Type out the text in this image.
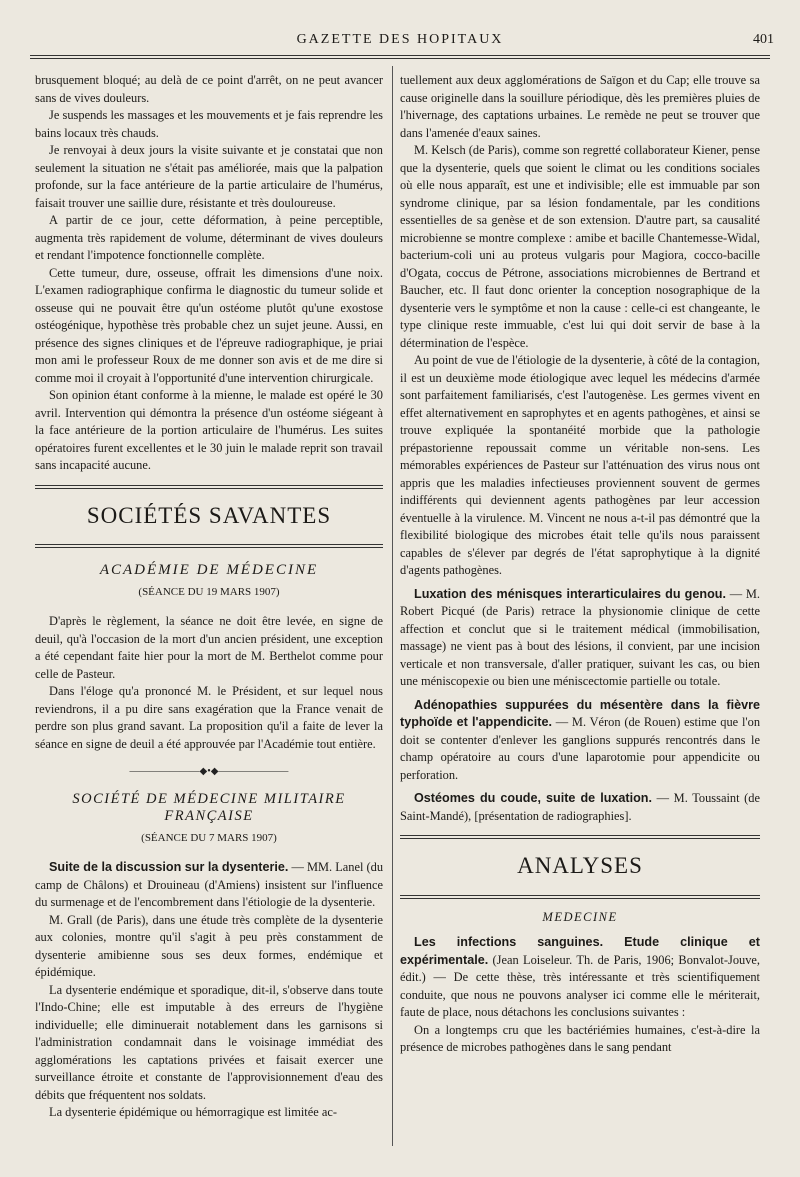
GAZETTE DES HOPITAUX	401

brusquement bloqué; au delà de ce point d'arrêt, on ne peut avancer sans de vives douleurs.

Je suspends les massages et les mouvements et je fais reprendre les bains locaux très chauds.

Je renvoyai à deux jours la visite suivante et je constatai que non seulement la situation ne s'était pas améliorée, mais que la palpation profonde, sur la face antérieure de la partie articulaire de l'humérus, faisait trouver une saillie dure, résistante et très douloureuse.

A partir de ce jour, cette déformation, à peine perceptible, augmenta très rapidement de volume, déterminant de vives douleurs et rendant l'impotence fonctionnelle complète.

Cette tumeur, dure, osseuse, offrait les dimensions d'une noix. L'examen radiographique confirma le diagnostic du tumeur solide et osseuse qui ne pouvait être qu'un ostéome plutôt qu'une exostose ostéogénique, hypothèse très probable chez un sujet jeune. Aussi, en présence des signes cliniques et de l'épreuve radiographique, je priai mon ami le professeur Roux de me donner son avis et de me dire si comme moi il croyait à l'opportunité d'une intervention chirurgicale.

Son opinion étant conforme à la mienne, le malade est opéré le 30 avril. Intervention qui démontra la présence d'un ostéome siégeant à la face antérieure de la portion articulaire de l'humérus. Les suites opératoires furent excellentes et le 30 juin le malade reprit son travail sans incapacité aucune.

SOCIÉTÉS SAVANTES
ACADÉMIE DE MÉDECINE
(SÉANCE DU 19 MARS 1907)

D'après le règlement, la séance ne doit être levée, en signe de deuil, qu'à l'occasion de la mort d'un ancien président, une exception a été cependant faite hier pour la mort de M. Berthelot comme pour celle de Pasteur.

Dans l'éloge qu'a prononcé M. le Président, et sur lequel nous reviendrons, il a pu dire sans exagération que la France venait de perdre son plus grand savant. La proposition qu'il a faite de lever la séance en signe de deuil a été approuvée par l'Académie tout entière.

———————◆•◆———————
SOCIÉTÉ DE MÉDECINE MILITAIRE FRANÇAISE
(SÉANCE DU 7 MARS 1907)

Suite de la discussion sur la dysenterie. — MM. Lanel (du camp de Châlons) et Drouineau (d'Amiens) insistent sur l'influence du surmenage et de l'encombrement dans l'étiologie de la dysenterie.

M. Grall (de Paris), dans une étude très complète de la dysenterie aux colonies, montre qu'il s'agit à peu près constamment de dysenterie amibienne sous ses deux formes, endémique et épidémique.

La dysenterie endémique et sporadique, dit-il, s'observe dans toute l'Indo-Chine; elle est imputable à des erreurs de l'hygiène individuelle; elle diminuerait notablement dans les garnisons si l'administration condamnait dans le voisinage immédiat des agglomérations les captations privées et faisait exercer une surveillance étroite et constante de l'approvisionnement d'eau des débits que fréquentent nos soldats.

La dysenterie épidémique ou hémorragique est limitée ac-

tuellement aux deux agglomérations de Saïgon et du Cap; elle trouve sa cause originelle dans la souillure périodique, dès les premières pluies de l'hivernage, des captations urbaines. Le remède ne peut se trouver que dans l'amenée d'eaux saines.

M. Kelsch (de Paris), comme son regretté collaborateur Kiener, pense que la dysenterie, quels que soient le climat ou les conditions sociales où elle nous apparaît, est une et indivisible; elle est immuable par son syndrome clinique, par sa lésion fondamentale, par les conditions essentielles de sa genèse et de son extension. D'autre part, sa causalité microbienne se montre complexe : amibe et bacille Chantemesse-Widal, bacterium-coli uni au proteus vulgaris pour Magiora, cocco-bacille d'Ogata, coccus de Pétrone, associations microbiennes de Bertrand et Baucher, etc. Il faut donc orienter la conception nosographique de la dysenterie vers le symptôme et non la cause : celle-ci est changeante, le type clinique reste immuable, c'est lui qui doit servir de base à la détermination de l'espèce.

Au point de vue de l'étiologie de la dysenterie, à côté de la contagion, il est un deuxième mode étiologique avec lequel les médecins d'armée sont parfaitement familiarisés, c'est l'autogenèse. Les germes vivent en effet alternativement en saprophytes et en agents pathogènes, et ainsi se trouve expliquée la spontanéité morbide que la pathologie prépastorienne repoussait comme un véritable non-sens. Les mémorables expériences de Pasteur sur l'atténuation des virus nous ont appris que les maladies infectieuses proviennent souvent de germes indifférents qui deviennent agents pathogènes par leur accession éventuelle à la virulence. M. Vincent ne nous a-t-il pas démontré que la flexibilité biologique des microbes était telle qu'ils nous paraissent capables de s'élever par degrés de l'état saprophytique à la dignité d'agents pathogènes.

Luxation des ménisques interarticulaires du genou. — M. Robert Picqué (de Paris) retrace la physionomie clinique de cette affection et conclut que si le traitement médical (immobilisation, massage) ne vient pas à bout des lésions, il convient, par une incision verticale et non transversale, d'aller pratiquer, suivant les cas, ou bien une méniscopexie ou bien une méniscectomie partielle ou totale.

Adénopathies suppurées du mésentère dans la fièvre typhoïde et l'appendicite. — M. Véron (de Rouen) estime que l'on doit se contenter d'enlever les ganglions suppurés rencontrés dans le champ opératoire au cours d'une laparotomie pour appendicite ou perforation.

Ostéomes du coude, suite de luxation. — M. Toussaint (de Saint-Mandé), [présentation de radiographies].

ANALYSES
MEDECINE

Les infections sanguines. Etude clinique et expérimentale. (Jean Loiseleur. Th. de Paris, 1906; Bonvalot-Jouve, édit.) — De cette thèse, très intéressante et très scientifiquement conduite, que nous ne pouvons analyser ici comme elle le mériterait, faute de place, nous détachons les conclusions suivantes :

On a longtemps cru que les bactériémies humaines, c'est-à-dire la présence de microbes pathogènes dans le sang pendant
